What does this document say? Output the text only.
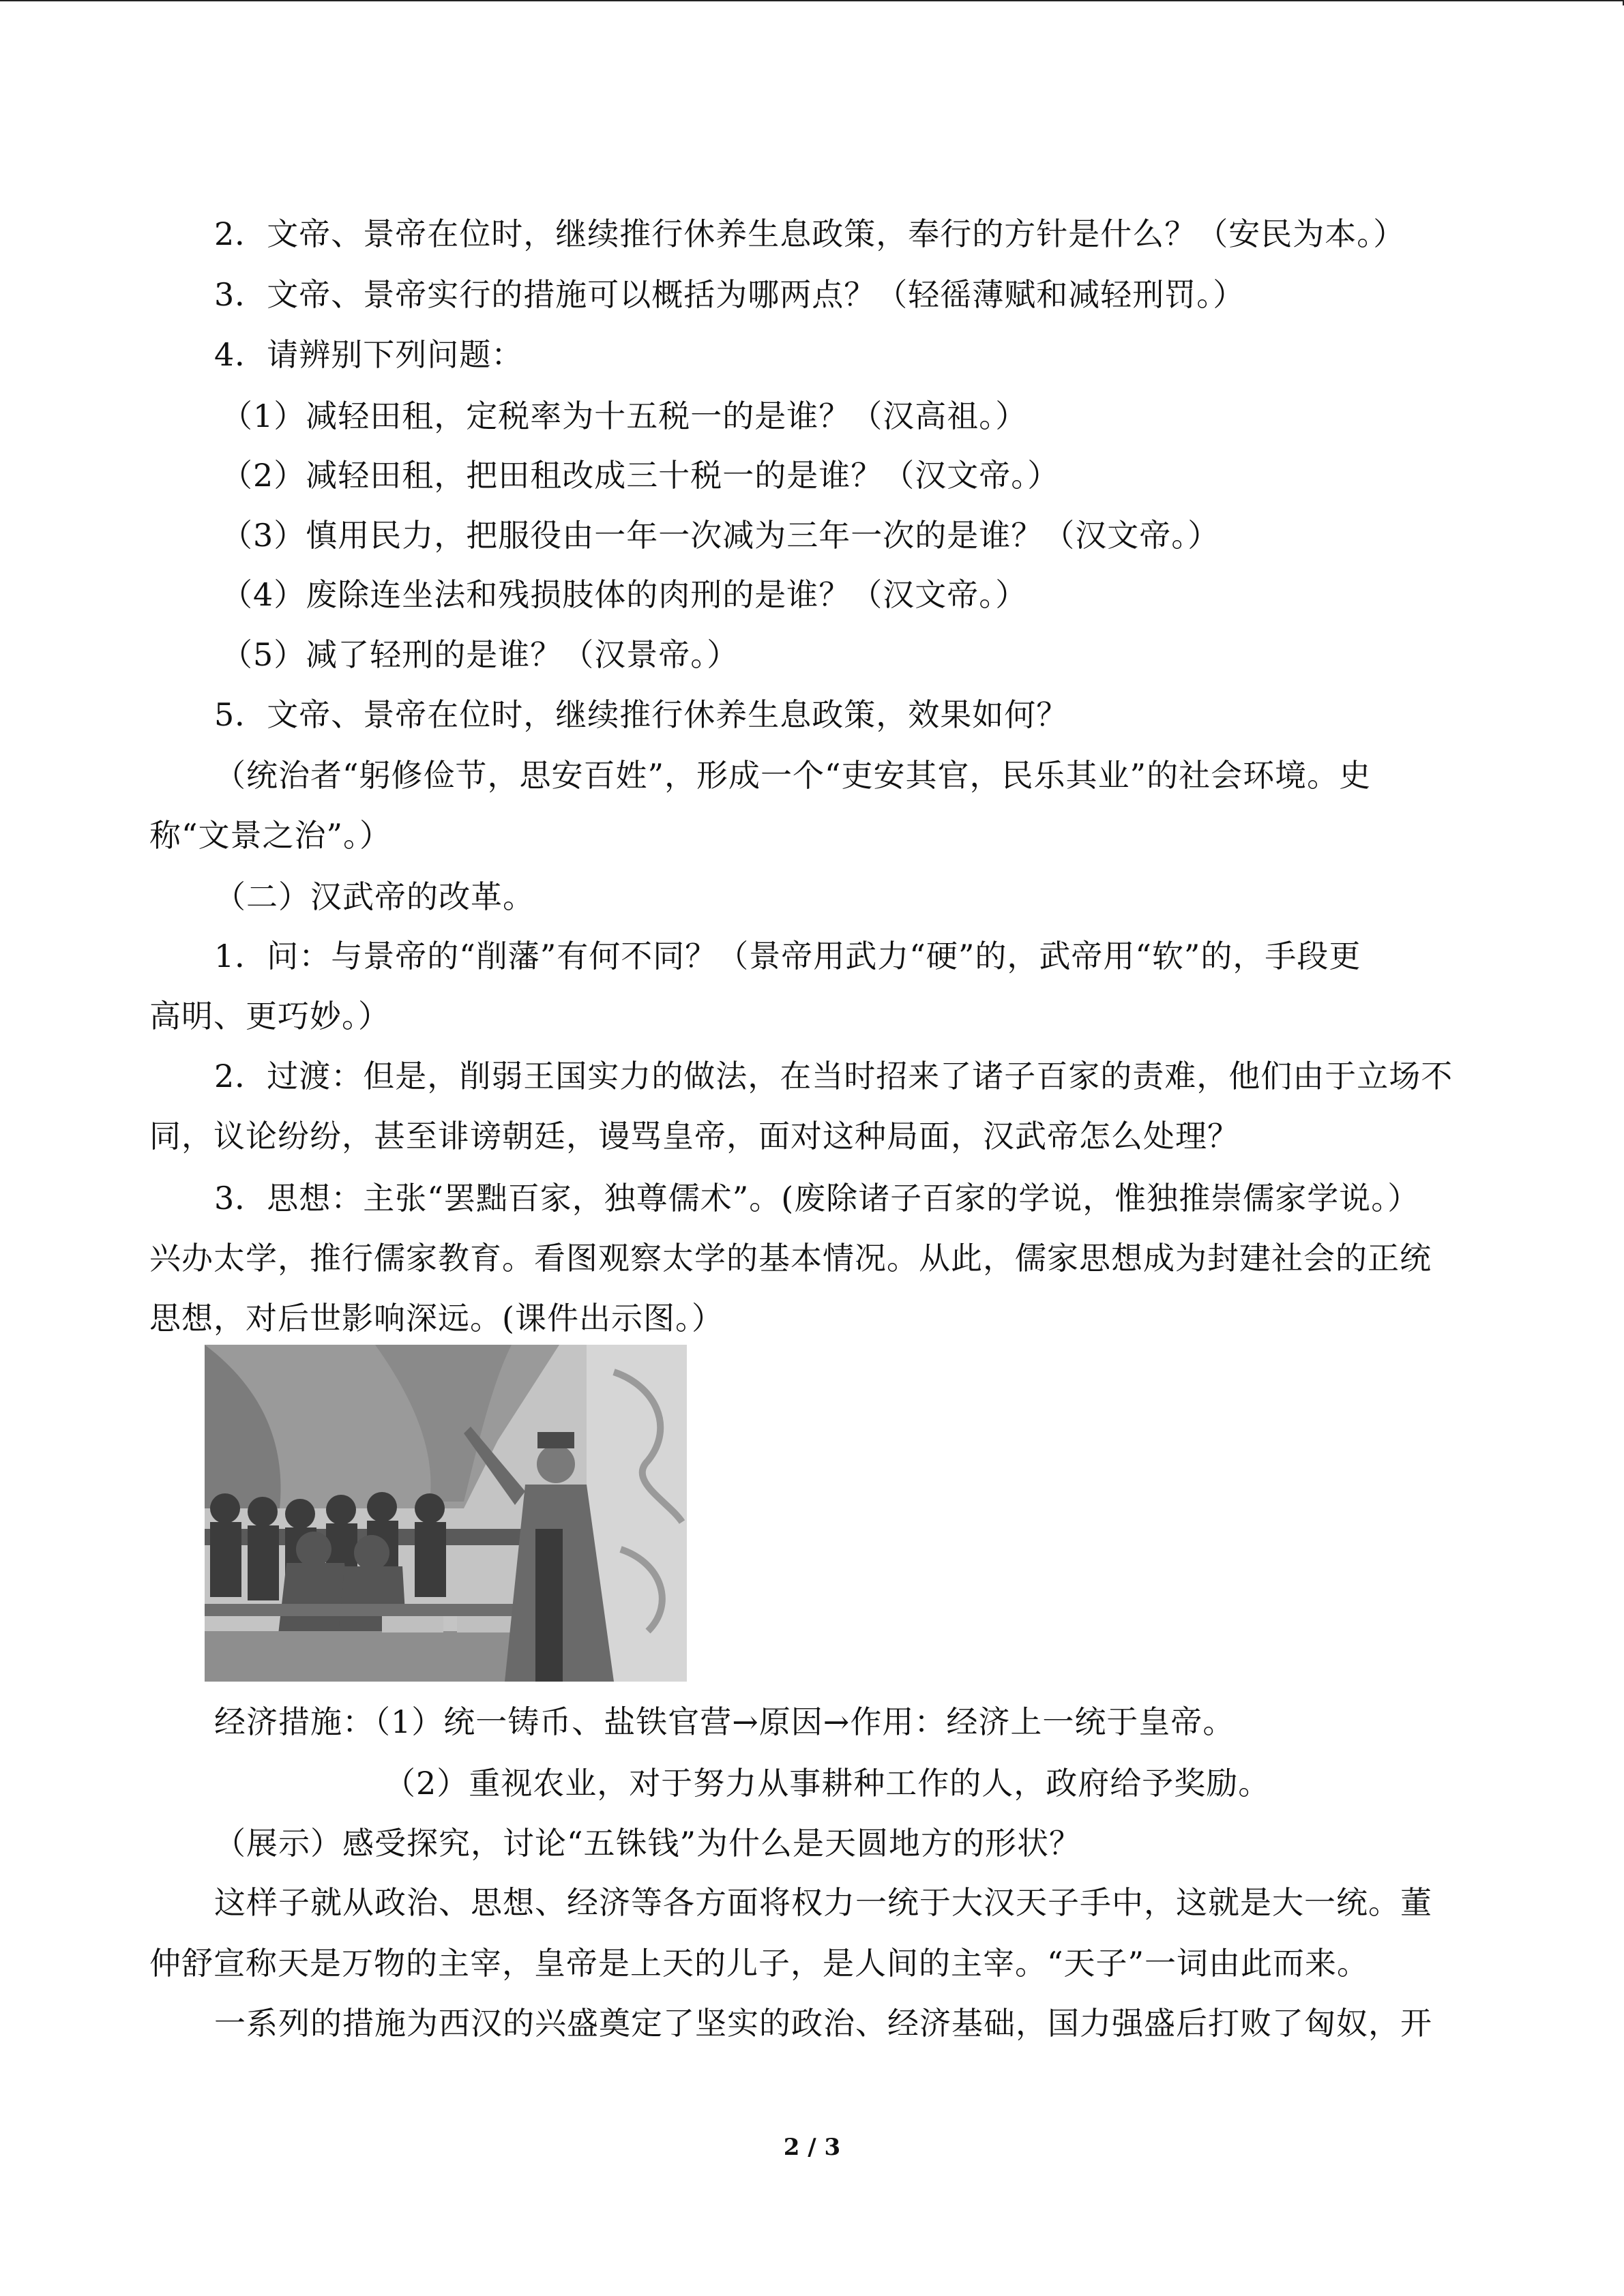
2．文帝、景帝在位时，继续推行休养生息政策，奉行的方针是什么？（安民为本。）

3．文帝、景帝实行的措施可以概括为哪两点？（轻徭薄赋和减轻刑罚。）

4．请辨别下列问题：

（1）减轻田租，定税率为十五税一的是谁？（汉高祖。）

（2）减轻田租，把田租改成三十税一的是谁？（汉文帝。）

（3）慎用民力，把服役由一年一次减为三年一次的是谁？（汉文帝。）

（4）废除连坐法和残损肢体的肉刑的是谁？（汉文帝。）

（5）减了轻刑的是谁？（汉景帝。）

5．文帝、景帝在位时，继续推行休养生息政策，效果如何？

（统治者“躬修俭节，思安百姓”，形成一个“吏安其官，民乐其业”的社会环境。史

称“文景之治”。）

（二）汉武帝的改革。

1．问：与景帝的“削藩”有何不同？（景帝用武力“硬”的，武帝用“软”的，手段更

高明、更巧妙。）

2．过渡：但是，削弱王国实力的做法，在当时招来了诸子百家的责难，他们由于立场不

同，议论纷纷，甚至诽谤朝廷，谩骂皇帝，面对这种局面，汉武帝怎么处理？

3．思想：主张“罢黜百家，独尊儒术”。(废除诸子百家的学说，惟独推崇儒家学说。）

兴办太学，推行儒家教育。看图观察太学的基本情况。从此，儒家思想成为封建社会的正统

思想，对后世影响深远。(课件出示图。）

经济措施：（1）统一铸币、盐铁官营→原因→作用：经济上一统于皇帝。

（2）重视农业，对于努力从事耕种工作的人，政府给予奖励。

（展示）感受探究，讨论“五铢钱”为什么是天圆地方的形状？

这样子就从政治、思想、经济等各方面将权力一统于大汉天子手中，这就是大一统。董

仲舒宣称天是万物的主宰，皇帝是上天的儿子，是人间的主宰。“天子”一词由此而来。

一系列的措施为西汉的兴盛奠定了坚实的政治、经济基础，国力强盛后打败了匈奴，开

2 / 3
